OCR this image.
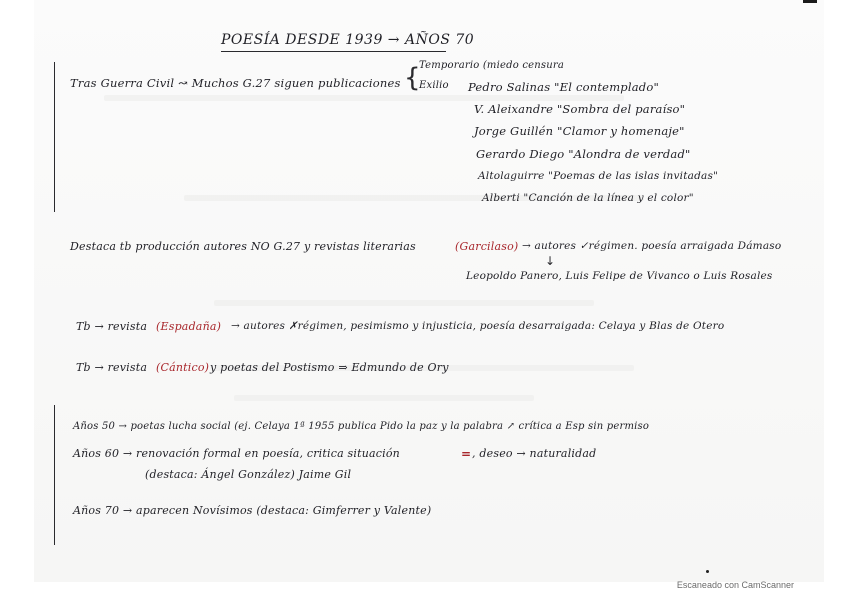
POESÍA DESDE 1939 → AÑOS 70
Tras Guerra Civil ↝ Muchos G.27 siguen publicaciones {
Temporario (miedo censura
Exilio Pedro Salinas "El contemplado"
V. Aleixandre "Sombra del paraíso"
Jorge Guillén "Clamor y homenaje"
Gerardo Diego "Alondra de verdad"
Altolaguirre "Poemas de las islas invitadas"
Alberti "Canción de la línea y el color"
Destaca tb producción autores NO G.27 y revistas literarias	(Garcilaso) → autores ✓régimen. poesía arraigada Dámaso
↓
Leopoldo Panero, Luis Felipe de Vivanco o Luis Rosales
Tb → revista (Espadaña) → autores ✗régimen, pesimismo y injusticia, poesía desarraigada: Celaya y Blas de Otero
Tb → revista (Cántico) y poetas del Postismo ⇒ Edmundo de Ory
Años 50 → poetas lucha social (ej. Celaya 1ª 1955 publica Pido la paz y la palabra ↗ crítica a Esp sin permiso
Años 60 → renovación formal en poesía, critica situación	= , deseo → naturalidad
(destaca: Ángel González) Jaime Gil
Años 70 → aparecen Novísimos (destaca: Gimferrer y Valente)
Escaneado con CamScanner
